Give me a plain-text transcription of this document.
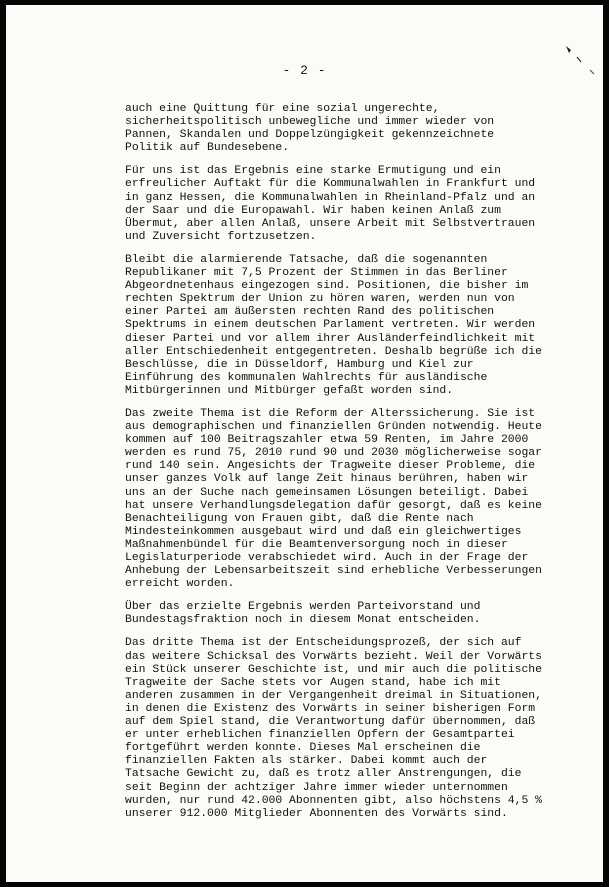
auch eine Quittung für eine sozial ungerechte,
sicherheitspolitisch unbewegliche und immer wieder von
Pannen, Skandalen und Doppelzüngigkeit gekennzeichnete
Politik auf Bundesebene.

Für uns ist das Ergebnis eine starke Ermutigung und ein
erfreulicher Auftakt für die Kommunalwahlen in Frankfurt und
in ganz Hessen, die Kommunalwahlen in Rheinland-Pfalz und an
der Saar und die Europawahl. Wir haben keinen Anlaß zum
Übermut, aber allen Anlaß, unsere Arbeit mit Selbstvertrauen
und Zuversicht fortzusetzen.

Bleibt die alarmierende Tatsache, daß die sogenannten
Republikaner mit 7,5 Prozent der Stimmen in das Berliner
Abgeordnetenhaus eingezogen sind. Positionen, die bisher im
rechten Spektrum der Union zu hören waren, werden nun von
einer Partei am äußersten rechten Rand des politischen
Spektrums in einem deutschen Parlament vertreten. Wir werden
dieser Partei und vor allem ihrer Ausländerfeindlichkeit mit
aller Entschiedenheit entgegentreten. Deshalb begrüße ich die
Beschlüsse, die in Düsseldorf, Hamburg und Kiel zur
Einführung des kommunalen Wahlrechts für ausländische
Mitbürgerinnen und Mitbürger gefaßt worden sind.

Das zweite Thema ist die Reform der Alterssicherung. Sie ist
aus demographischen und finanziellen Gründen notwendig. Heute
kommen auf 100 Beitragszahler etwa 59 Renten, im Jahre 2000
werden es rund 75, 2010 rund 90 und 2030 möglicherweise sogar
rund 140 sein. Angesichts der Tragweite dieser Probleme, die
unser ganzes Volk auf lange Zeit hinaus berühren, haben wir
uns an der Suche nach gemeinsamen Lösungen beteiligt. Dabei
hat unsere Verhandlungsdelegation dafür gesorgt, daß es keine
Benachteiligung von Frauen gibt, daß die Rente nach
Mindesteinkommen ausgebaut wird und daß ein gleichwertiges
Maßnahmenbündel für die Beamtenversorgung noch in dieser
Legislaturperiode verabschiedet wird. Auch in der Frage der
Anhebung der Lebensarbeitszeit sind erhebliche Verbesserungen
erreicht worden.

Über das erzielte Ergebnis werden Parteivorstand und
Bundestagsfraktion noch in diesem Monat entscheiden.

Das dritte Thema ist der Entscheidungsprozeß, der sich auf
das weitere Schicksal des Vorwärts bezieht. Weil der Vorwärts
ein Stück unserer Geschichte ist, und mir auch die politische
Tragweite der Sache stets vor Augen stand, habe ich mit
anderen zusammen in der Vergangenheit dreimal in Situationen,
in denen die Existenz des Vorwärts in seiner bisherigen Form
auf dem Spiel stand, die Verantwortung dafür übernommen, daß
er unter erheblichen finanziellen Opfern der Gesamtpartei
fortgeführt werden konnte. Dieses Mal erscheinen die
finanziellen Fakten als stärker. Dabei kommt auch der
Tatsache Gewicht zu, daß es trotz aller Anstrengungen, die
seit Beginn der achtziger Jahre immer wieder unternommen
wurden, nur rund 42.000 Abonnenten gibt, also höchstens 4,5 %
unserer 912.000 Mitglieder Abonnenten des Vorwärts sind.

- 2 -
